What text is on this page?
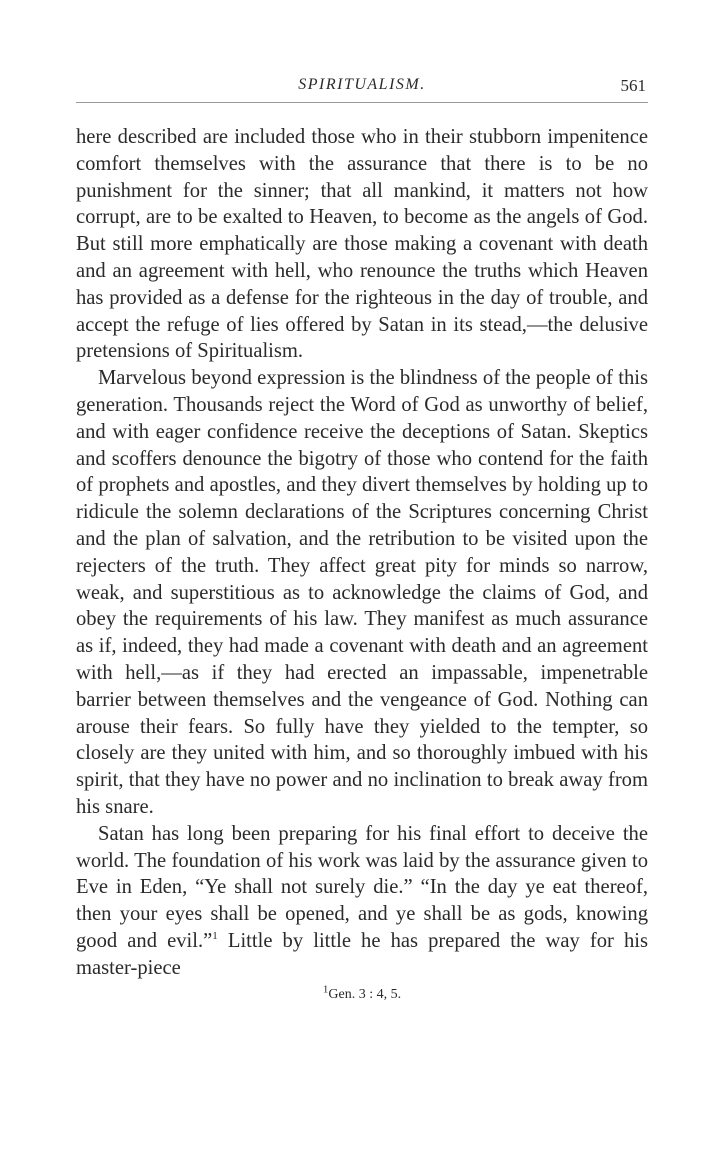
SPIRITUALISM.	561

here described are included those who in their stubborn impenitence comfort themselves with the assurance that there is to be no punishment for the sinner; that all mankind, it matters not how corrupt, are to be exalted to Heaven, to become as the angels of God. But still more emphatically are those making a covenant with death and an agreement with hell, who renounce the truths which Heaven has provided as a defense for the righteous in the day of trouble, and accept the refuge of lies offered by Satan in its stead,—the delusive pretensions of Spiritualism.

Marvelous beyond expression is the blindness of the people of this generation. Thousands reject the Word of God as unworthy of belief, and with eager confidence receive the deceptions of Satan. Skeptics and scoffers denounce the bigotry of those who contend for the faith of prophets and apostles, and they divert themselves by holding up to ridicule the solemn declarations of the Scriptures concerning Christ and the plan of salvation, and the retribution to be visited upon the rejecters of the truth. They affect great pity for minds so narrow, weak, and superstitious as to acknowledge the claims of God, and obey the requirements of his law. They manifest as much assurance as if, indeed, they had made a covenant with death and an agreement with hell,—as if they had erected an impassable, impenetrable barrier between themselves and the vengeance of God. Nothing can arouse their fears. So fully have they yielded to the tempter, so closely are they united with him, and so thoroughly imbued with his spirit, that they have no power and no inclination to break away from his snare.

Satan has long been preparing for his final effort to deceive the world. The foundation of his work was laid by the assurance given to Eve in Eden, “Ye shall not surely die.” “In the day ye eat thereof, then your eyes shall be opened, and ye shall be as gods, knowing good and evil.”$^1$ Little by little he has prepared the way for his master-piece

$^1$Gen. 3 : 4, 5.
